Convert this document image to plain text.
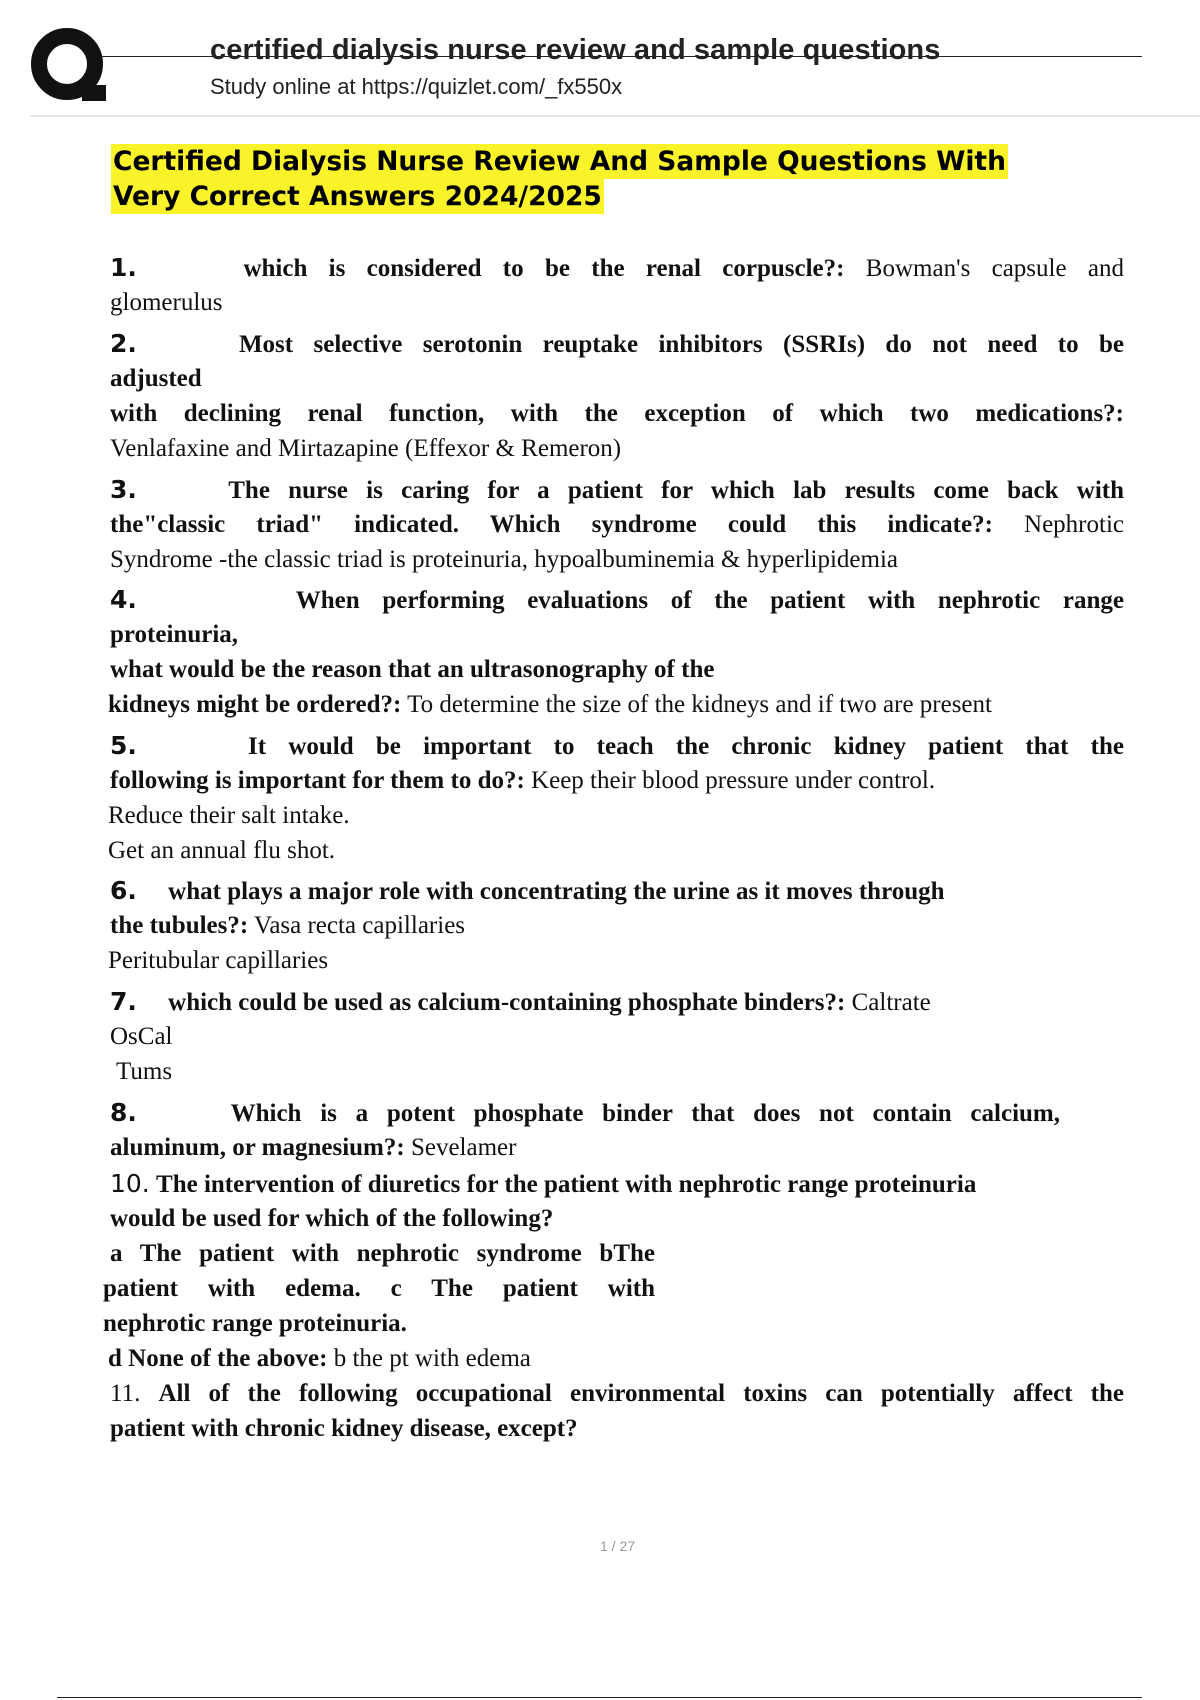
certified dialysis nurse review and sample questions
Study online at https://quizlet.com/_fx550x
Certified Dialysis Nurse Review And Sample Questions With
Very Correct Answers 2024/2025
1.	which is considered to be the renal corpuscle?: Bowman's capsule and
glomerulus
2.	Most selective serotonin reuptake inhibitors (SSRIs) do not need to be
adjusted
with declining renal function, with the exception of which two medications?:
Venlafaxine and Mirtazapine (Effexor & Remeron)
3.	The nurse is caring for a patient for which lab results come back with
the"classic triad" indicated. Which syndrome could this indicate?: Nephrotic
Syndrome -the classic triad is proteinuria, hypoalbuminemia & hyperlipidemia
4.	When performing evaluations of the patient with nephrotic range
proteinuria,
what would be the reason that an ultrasonography of the
kidneys might be ordered?: To determine the size of the kidneys and if two are present
5.	It would be important to teach the chronic kidney patient that the
following is important for them to do?: Keep their blood pressure under control.
Reduce their salt intake.
Get an annual flu shot.
6. what plays a major role with concentrating the urine as it moves through
the tubules?: Vasa recta capillaries
Peritubular capillaries
7. which could be used as calcium-containing phosphate binders?: Caltrate
OsCal
Tums
8.	Which is a potent phosphate binder that does not contain calcium,
aluminum, or magnesium?: Sevelamer
10. The intervention of diuretics for the patient with nephrotic range proteinuria
would be used for which of the following?
a The patient with nephrotic syndrome bThe
patient with edema. c The patient with
nephrotic range proteinuria.
d None of the above: b the pt with edema
11. All of the following occupational environmental toxins can potentially affect the
patient with chronic kidney disease, except?
1 / 27
